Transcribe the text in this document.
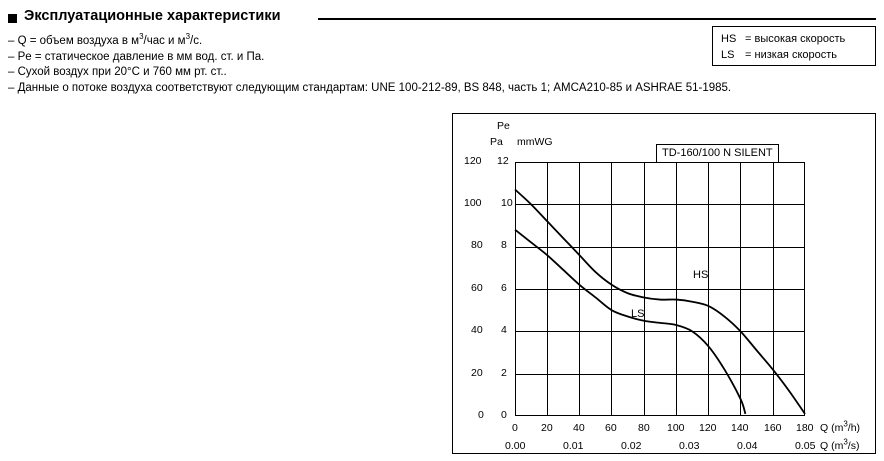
Эксплуатационные характеристики
– Q = объем воздуха в $м^3$/час и $м^3/с$.
– Pe = статическое давление в мм вод. ст. и Па.
– Сухой воздух при 20°C и 760 мм рт. ст..
– Данные о потоке воздуха соответствуют следующим стандартам: UNE 100-212-89, BS 848, часть 1; AMCA210-85 и ASHRAE 51-1985.
HS = высокая скорость
LS = низкая скорость
Pe
Pa mmWG
120
100
80
60
40
20
0
12
10
8
6
4
2
0
0 20 40 60 80 100 120 140 160 180 Q $(m^3/h)$
0.00	0.01	0.02	0.03	0.04	0.05 Q $(m^3/s)$
TD-160/100 N SILENT
HS
LS
